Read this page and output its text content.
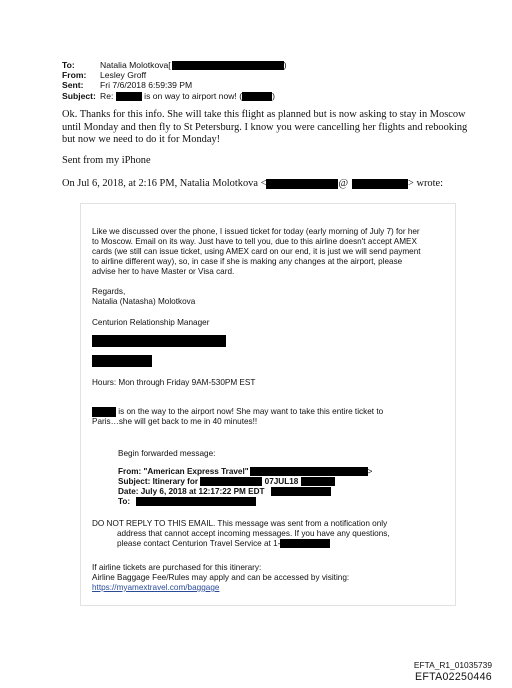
To:	Natalia Molotkova[	)
From: Lesley Groff
Sent: Fri 7/6/2018 6:59:39 PM
Subject: Re:	is on way to airport now! (	)
Ok. Thanks for this info. She will take this flight as planned but is now asking to stay in Moscow
until Monday and then fly to St Petersburg. I know you were cancelling her flights and rebooking
but now we need to do it for Monday!
Sent from my iPhone
On Jul 6, 2018, at 2:16 PM, Natalia Molotkova <	@	> wrote:
Like we discussed over the phone, I issued ticket for today (early morning of July 7) for her
to Moscow. Email on its way. Just have to tell you, due to this airline doesn't accept AMEX
cards (we still can issue ticket, using AMEX card on our end, it is just we will send payment
to airline different way), so, in case if she is making any changes at the airport, please
advise her to have Master or Visa card.
Regards,
Natalia (Natasha) Molotkova
Centurion Relationship Manager
Hours: Mon through Friday 9AM-530PM EST
is on the way to the airport now! She may want to take this entire ticket to
Paris…she will get back to me in 40 minutes!!
Begin forwarded message:
From: "American Express Travel"	>
Subject: Itinerary for	07JUL18
Date: July 6, 2018 at 12:17:22 PM EDT
To:
DO NOT REPLY TO THIS EMAIL. This message was sent from a notification only
address that cannot accept incoming messages. If you have any questions,
please contact Centurion Travel Service at 1-
If airline tickets are purchased for this itinerary:
Airline Baggage Fee/Rules may apply and can be accessed by visiting:
https://myamextravel.com/baggage
EFTA_R1_01035739
EFTA02250446
